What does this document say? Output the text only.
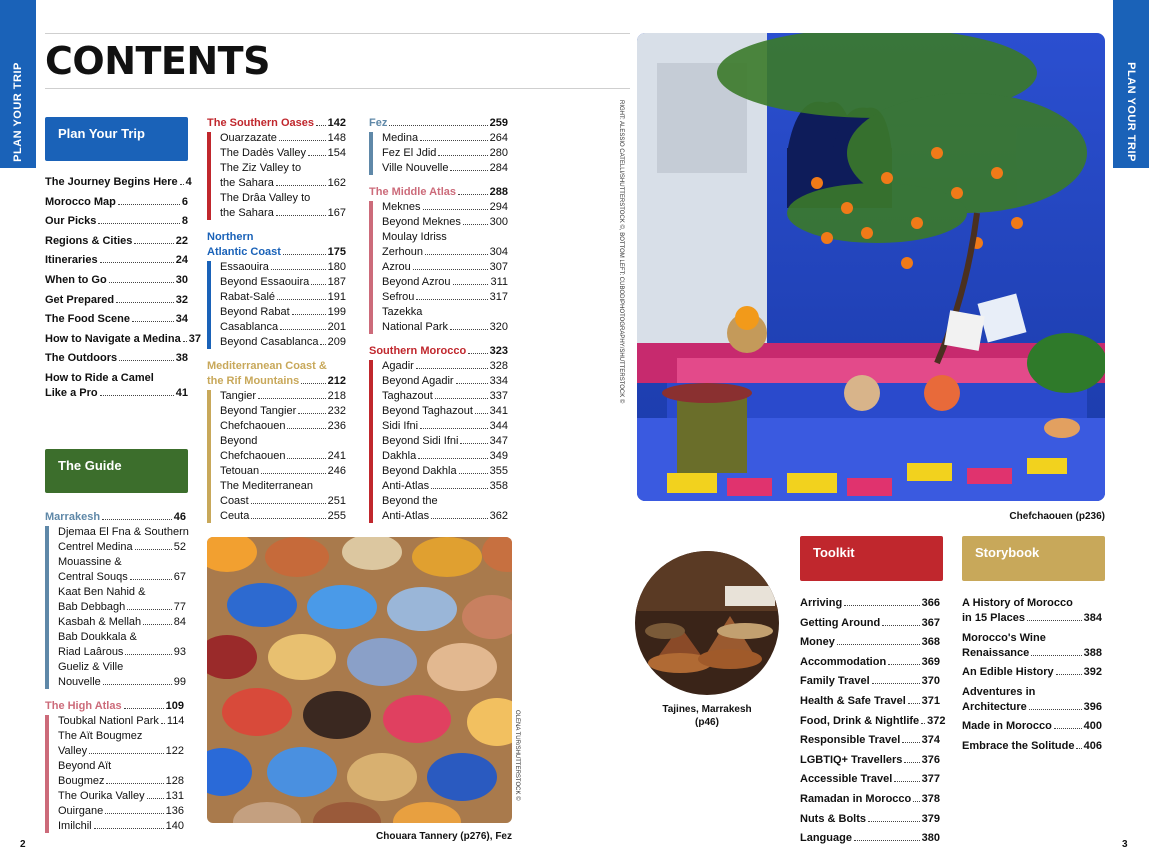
PLAN YOUR TRIP	PLAN YOUR TRIP
CONTENTS
Plan Your Trip
The Guide
Toolkit	Storybook
The Journey Begins Here 4
Morocco Map	6
Our Picks	8
Regions & Cities	22
Itineraries	24
When to Go	30
Get Prepared	32
The Food Scene	34
How to Navigate a Medina 37
The Outdoors	38
How to Ride a Camel
Like a Pro	41
Marrakesh	46
Djemaa El Fna & Southern
Centrel Medina	52
Mouassine &
Central Souqs	67
Kaat Ben Nahid &
Bab Debbagh	77
Kasbah & Mellah	84
Bab Doukkala &
Riad Laârous	93
Gueliz & Ville
Nouvelle	99
The High Atlas	109
Toubkal Nationl Park 114
The Aït Bougmez
Valley	122
Beyond Aït
Bougmez	128
The Ourika Valley 131
Ouirgane	136
Imilchil	140
The Southern Oases 142
Ouarzazate	148
The Dadès Valley 154
The Ziz Valley to
the Sahara	162
The Drâa Valley to
the Sahara	167
Northern
Atlantic Coast	175
Essaouira	180
Beyond Essaouira 187
Rabat-Salé	191
Beyond Rabat	199
Casablanca	201
Beyond Casablanca 209
Mediterranean Coast &
the Rif Mountains	212
Tangier	218
Beyond Tangier	232
Chefchaouen	236
Beyond
Chefchaouen	241
Tetouan	246
The Mediterranean
Coast	251
Ceuta	255
Fez	259
Medina	264
Fez El Jdid	280
Ville Nouvelle	284
The Middle Atlas	288
Meknes	294
Beyond Meknes	300
Moulay Idriss
Zerhoun	304
Azrou	307
Beyond Azrou	311
Sefrou	317
Tazekka
National Park	320
Southern Morocco 323
Agadir	328
Beyond Agadir	334
Taghazout	337
Beyond Taghazout 341
Sidi Ifni	344
Beyond Sidi Ifni	347
Dakhla	349
Beyond Dakhla	355
Anti-Atlas	358
Beyond the
Anti-Atlas	362
Arriving	366
Getting Around	367
Money	368
Accommodation	369
Family Travel	370
Health & Safe Travel 371
Food, Drink & Nightlife 372
Responsible Travel 374
LGBTIQ+ Travellers 376
Accessible Travel	377
Ramadan in Morocco 378
Nuts & Bolts	379
Language	380
A History of Morocco
in 15 Places	384
Morocco's Wine
Renaissance	388
An Edible History	392
Adventures in
Architecture	396
Made in Morocco	400
Embrace the Solitude 406
Chefchaouen (p236)
RIGHT: ALESSIO CATELLI/SHUTTERSTOCK ©, BOTTOM LEFT: CUBODIPHOTOGRAPHY/SHUTTERSTOCK ©
OLENA TUR/SHUTTERSTOCK ©
Chouara Tannery (p276), Fez
Tajines, Marrakesh
(p46)
2	3
